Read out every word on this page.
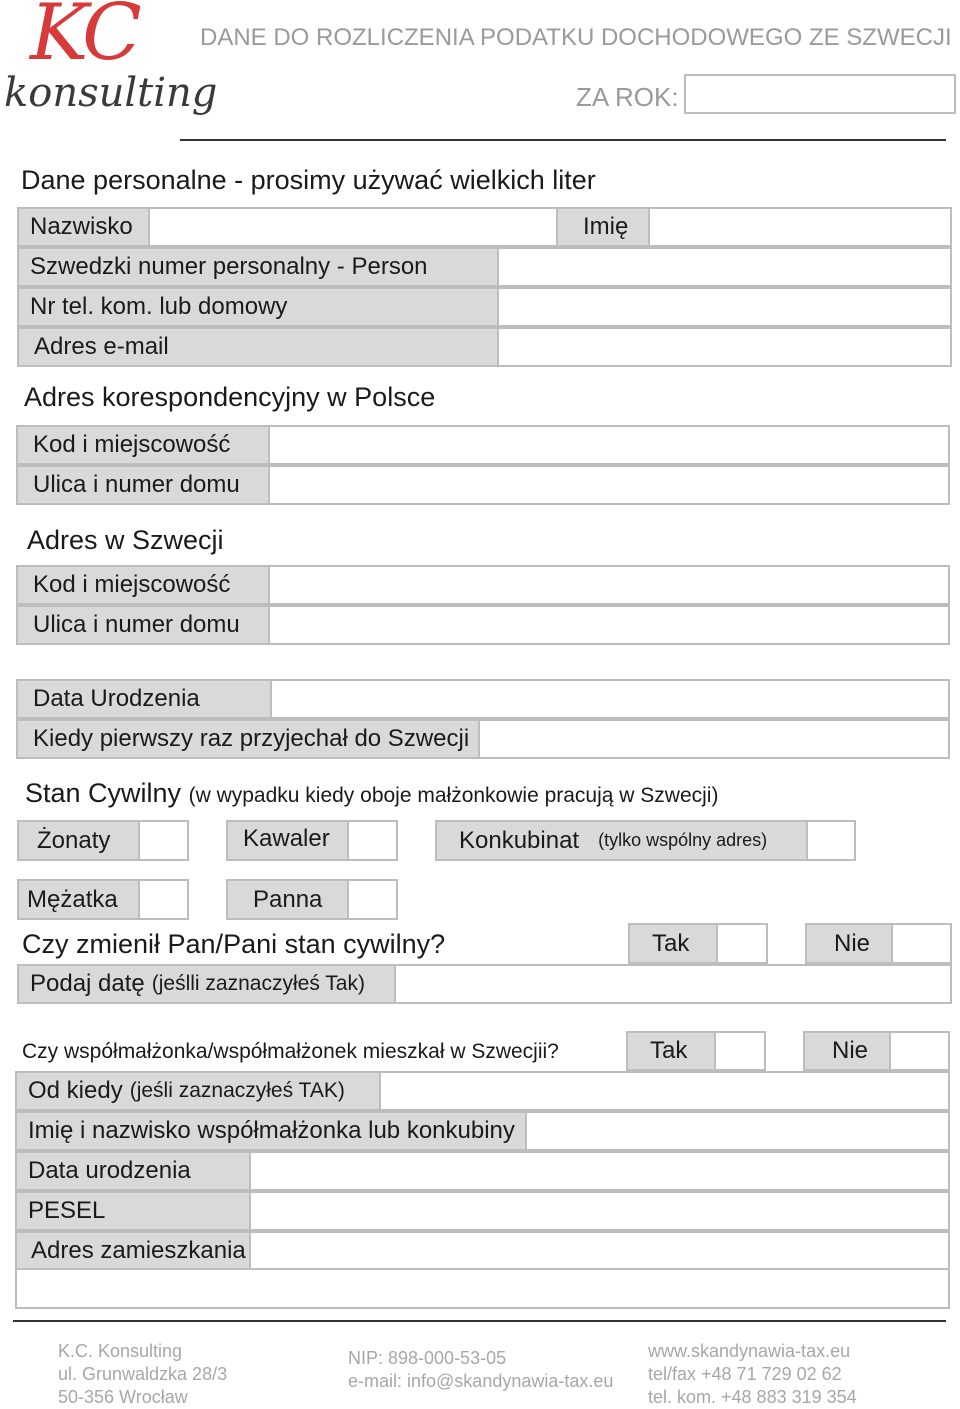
KC
konsulting
DANE DO ROZLICZENIA PODATKU DOCHODOWEGO ZE SZWECJI
ZA ROK:
Dane personalne - prosimy używać wielkich liter
Nazwisko	Imię
Szwedzki numer personalny - Person
Nr tel. kom. lub domowy
Adres e-mail
Adres korespondencyjny w Polsce
Kod i miejscowość
Ulica i numer domu
Adres w Szwecji
Kod i miejscowość
Ulica i numer domu
Data Urodzenia
Kiedy pierwszy raz przyjechał do Szwecji
Stan Cywilny (w wypadku kiedy oboje małżonkowie pracują w Szwecji)
Żonaty	Kawaler	Konkubinat (tylko wspólny adres)
Mężatka	Panna
Czy zmienił Pan/Pani stan cywilny?	Tak	Nie
Podaj datę (jeślli zaznaczyłeś Tak)
Czy współmałżonka/współmałżonek mieszkał w Szwecjii?	Tak	Nie
Od kiedy (jeśli zaznaczyłeś TAK)
Imię i nazwisko współmałżonka lub konkubiny
Data urodzenia
PESEL
Adres zamieszkania
K.C. Konsulting
ul. Grunwaldzka 28/3
50-356 Wrocław
NIP: 898-000-53-05
e-mail: info@skandynawia-tax.eu
www.skandynawia-tax.eu
tel/fax +48 71 729 02 62
tel. kom. +48 883 319 354
